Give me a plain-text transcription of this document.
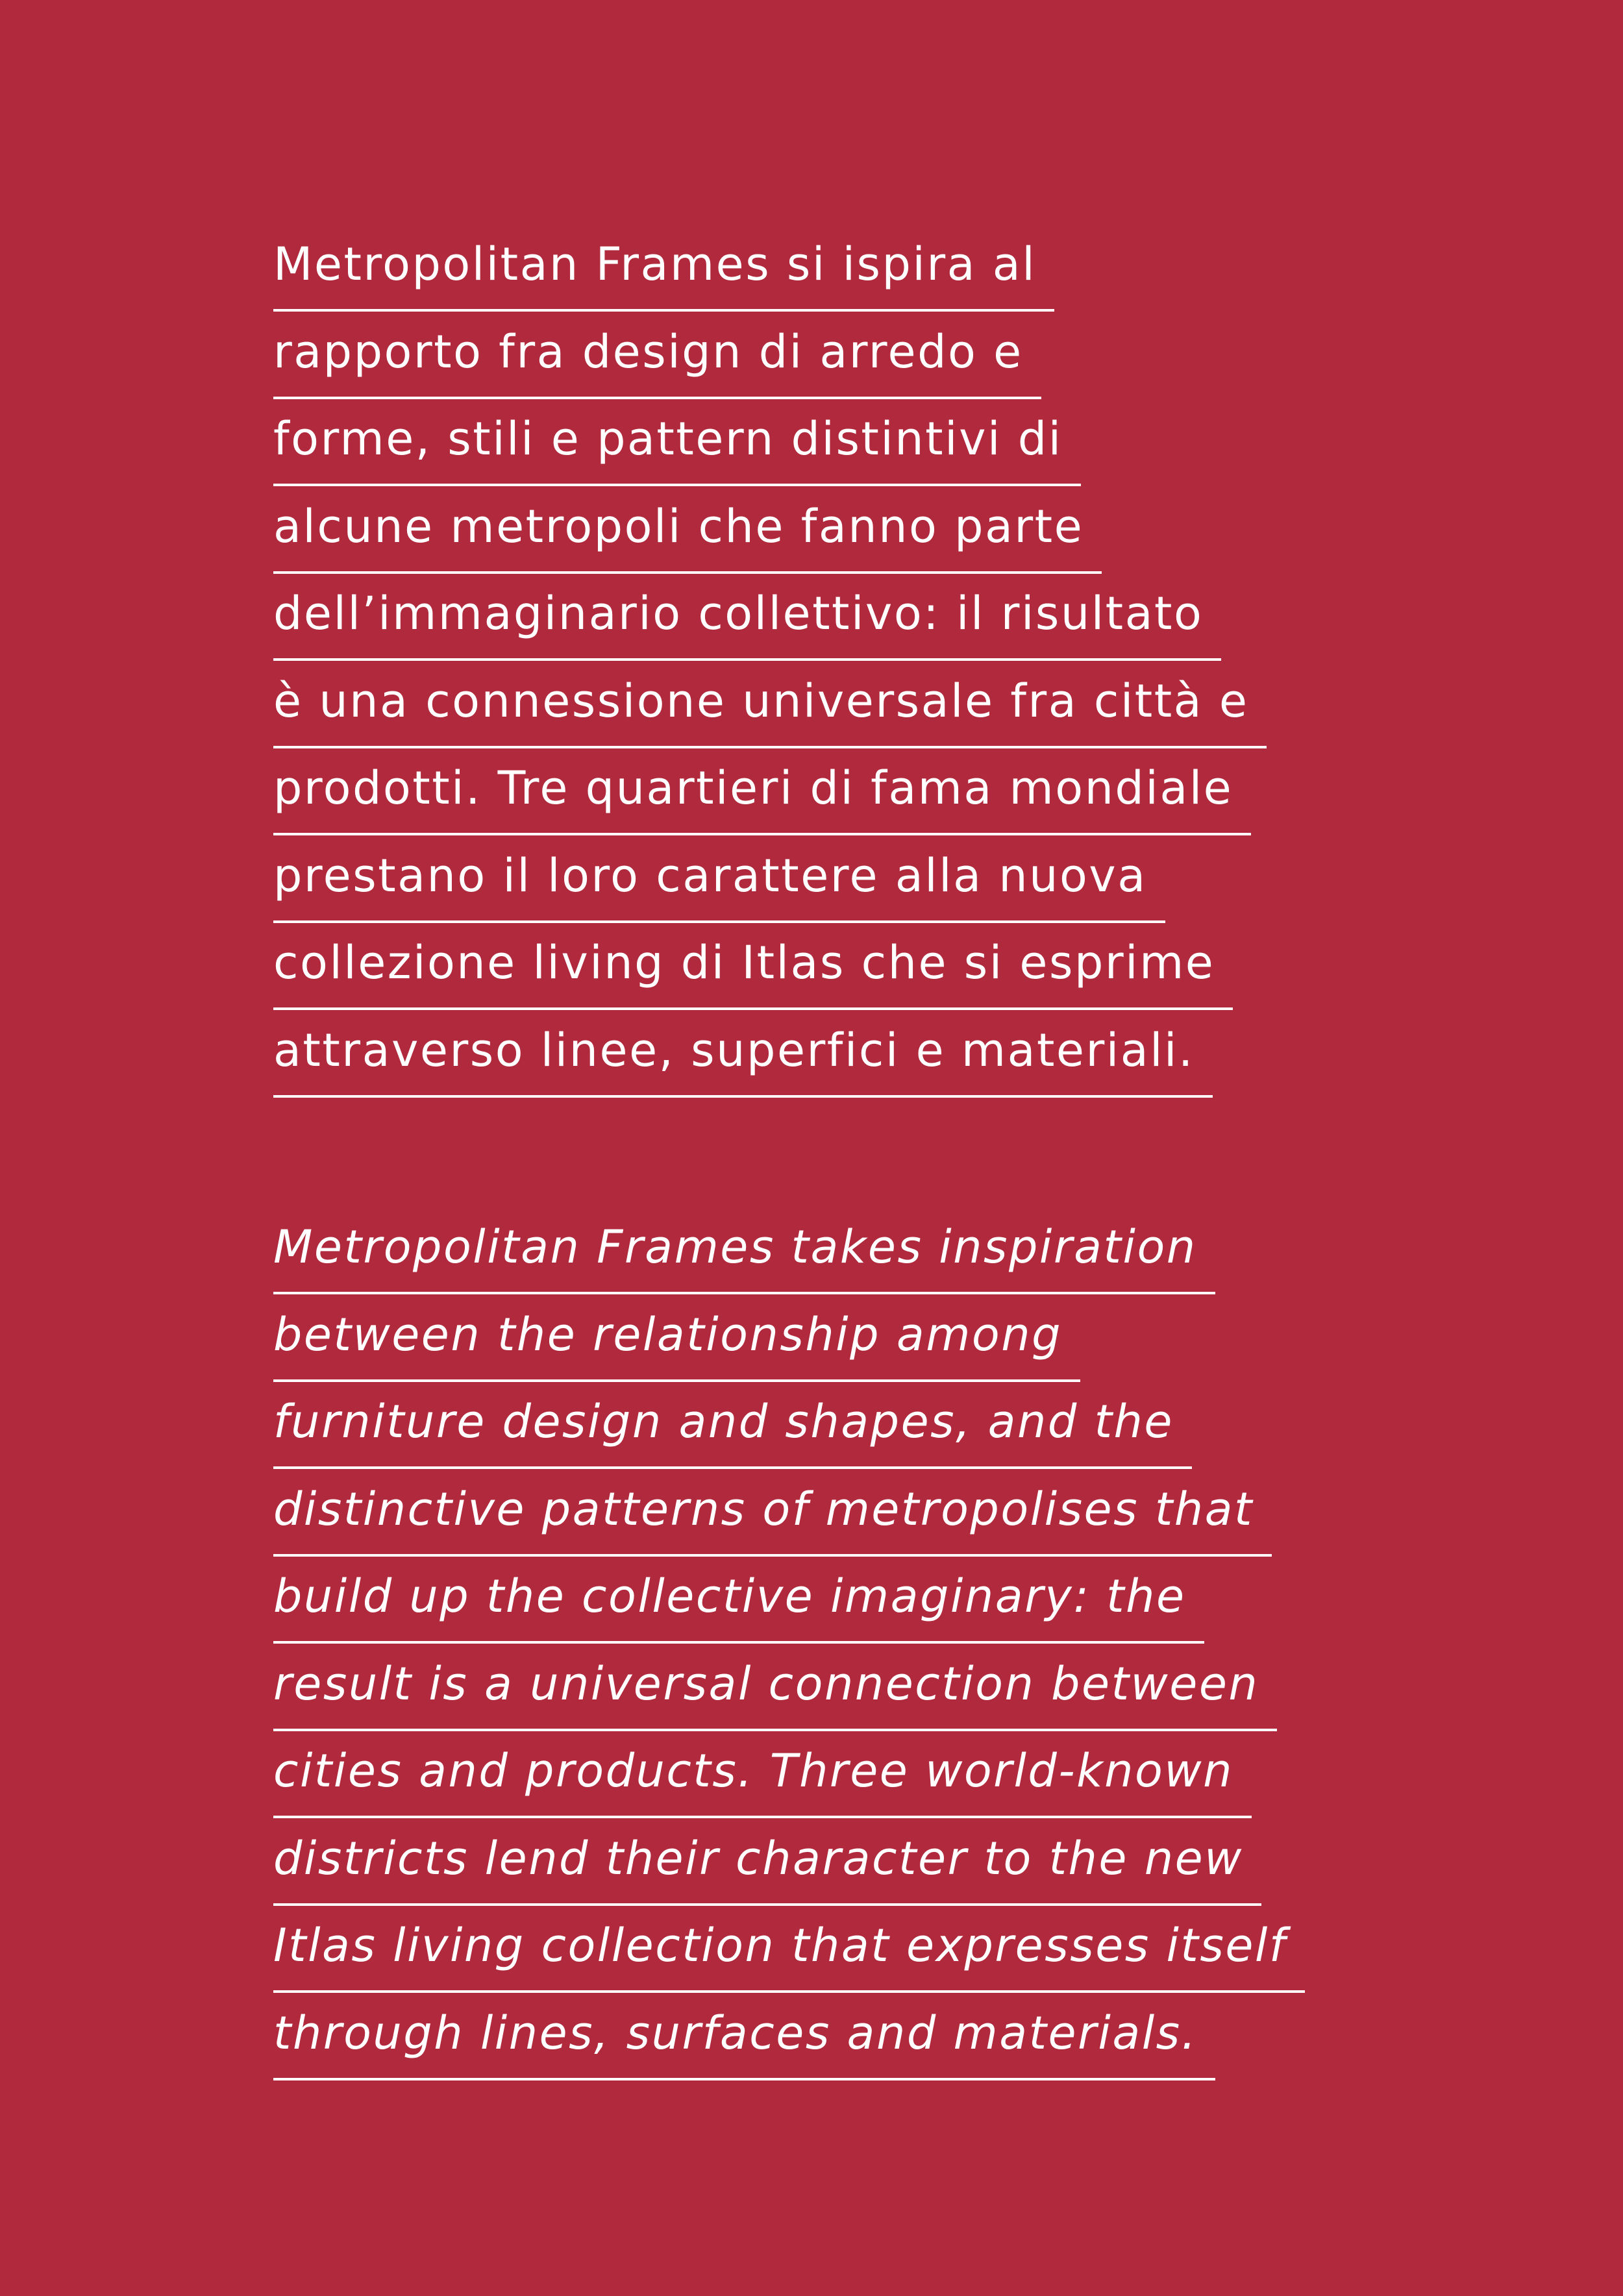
Metropolitan Frames si ispira al
rapporto fra design di arredo e
forme, stili e pattern distintivi di
alcune metropoli che fanno parte
dell’immaginario collettivo: il risultato
è una connessione universale fra città e
prodotti. Tre quartieri di fama mondiale
prestano il loro carattere alla nuova
collezione living di Itlas che si esprime
attraverso linee, superfici e materiali.
Metropolitan Frames takes inspiration
between the relationship among
furniture design and shapes, and the
distinctive patterns of metropolises that
build up the collective imaginary: the
result is a universal connection between
cities and products. Three world-known
districts lend their character to the new
Itlas living collection that expresses itself
through lines, surfaces and materials.
